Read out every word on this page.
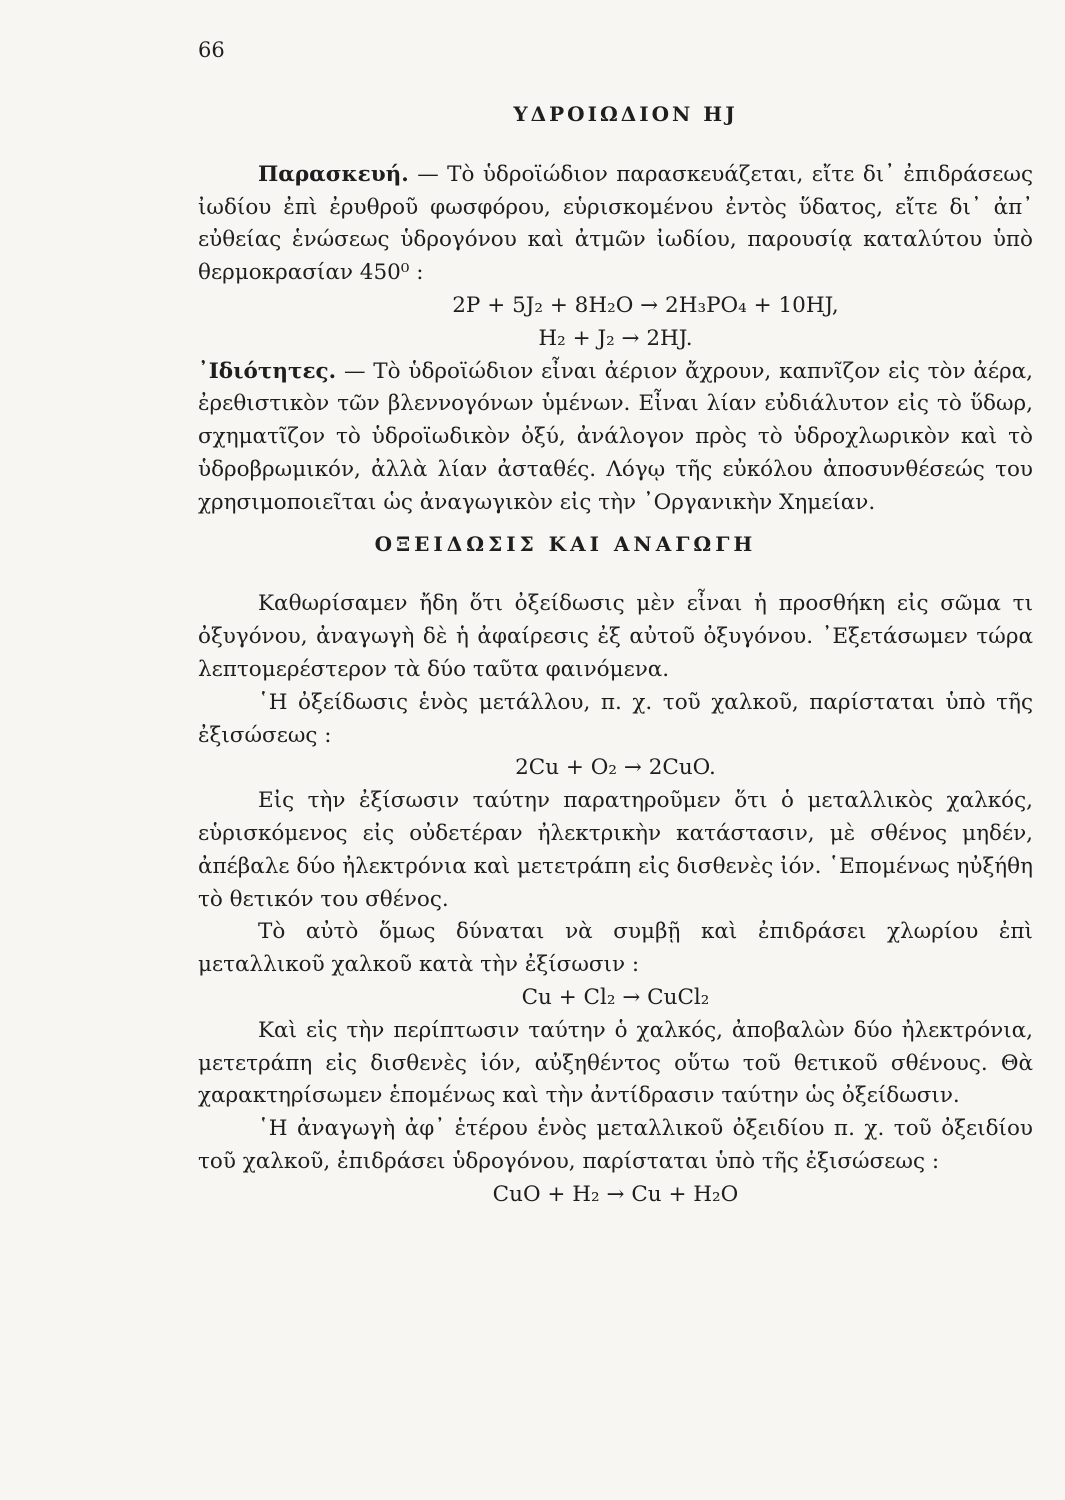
66
ΥΔΡΟΙΩΔΙΟΝ HJ

Παρασκευή. — Τὸ ὑδροϊώδιον παρασκευάζεται, εἴτε δι᾽ ἐπιδράσεως ἰωδίου ἐπὶ ἐρυθροῦ φωσφόρου, εὑρισκομένου ἐντὸς ὕδατος, εἴτε δι᾽ ἀπ᾽ εὐθείας ἑνώσεως ὑδρογόνου καὶ ἀτμῶν ἰωδίου, παρουσίᾳ καταλύτου ὑπὸ θερμοκρασίαν 450⁰ :

2P + 5J₂ + 8H₂O → 2H₃PO₄ + 10HJ,

H₂ + J₂ → 2HJ.

᾽Ιδιότητες. — Τὸ ὑδροϊώδιον εἶναι ἀέριον ἄχρουν, καπνῖζον εἰς τὸν ἀέρα, ἐρεθιστικὸν τῶν βλεννογόνων ὑμένων. Εἶναι λίαν εὐδιάλυτον εἰς τὸ ὕδωρ, σχηματῖζον τὸ ὑδροϊωδικὸν ὀξύ, ἀνάλογον πρὸς τὸ ὑδροχλωρικὸν καὶ τὸ ὑδροβρωμικόν, ἀλλὰ λίαν ἀσταθές. Λόγῳ τῆς εὐκόλου ἀποσυνθέσεώς του χρησιμοποιεῖται ὡς ἀναγωγικὸν εἰς τὴν ᾽Οργανικὴν Χημείαν.

ΟΞΕΙΔΩΣΙΣ ΚΑΙ ΑΝΑΓΩΓΗ

Καθωρίσαμεν ἤδη ὅτι ὀξείδωσις μὲν εἶναι ἡ προσθήκη εἰς σῶμα τι ὀξυγόνου, ἀναγωγὴ δὲ ἡ ἀφαίρεσις ἐξ αὐτοῦ ὀξυγόνου. ᾽Εξετάσωμεν τώρα λεπτομερέστερον τὰ δύο ταῦτα φαινόμενα.

῾Η ὀξείδωσις ἑνὸς μετάλλου, π. χ. τοῦ χαλκοῦ, παρίσταται ὑπὸ τῆς ἐξισώσεως :

2Cu + O₂ → 2CuO.

Εἰς τὴν ἐξίσωσιν ταύτην παρατηροῦμεν ὅτι ὁ μεταλλικὸς χαλκός, εὑρισκόμενος εἰς οὐδετέραν ἠλεκτρικὴν κατάστασιν, μὲ σθένος μηδέν, ἀπέβαλε δύο ἠλεκτρόνια καὶ μετετράπη εἰς δισθενὲς ἰόν. ῾Επομένως ηὐξήθη τὸ θετικόν του σθένος.

Τὸ αὐτὸ ὅμως δύναται νὰ συμβῇ καὶ ἐπιδράσει χλωρίου ἐπὶ μεταλλικοῦ χαλκοῦ κατὰ τὴν ἐξίσωσιν :

Cu + Cl₂ → CuCl₂

Καὶ εἰς τὴν περίπτωσιν ταύτην ὁ χαλκός, ἀποβαλὼν δύο ἠλεκτρόνια, μετετράπη εἰς δισθενὲς ἰόν, αὐξηθέντος οὕτω τοῦ θετικοῦ σθένους. Θὰ χαρακτηρίσωμεν ἑπομένως καὶ τὴν ἀντίδρασιν ταύτην ὡς ὀξείδωσιν.

῾Η ἀναγωγὴ ἀφ᾽ ἑτέρου ἑνὸς μεταλλικοῦ ὀξειδίου π. χ. τοῦ ὀξειδίου τοῦ χαλκοῦ, ἐπιδράσει ὑδρογόνου, παρίσταται ὑπὸ τῆς ἐξισώσεως :

CuO + H₂ → Cu + H₂O
